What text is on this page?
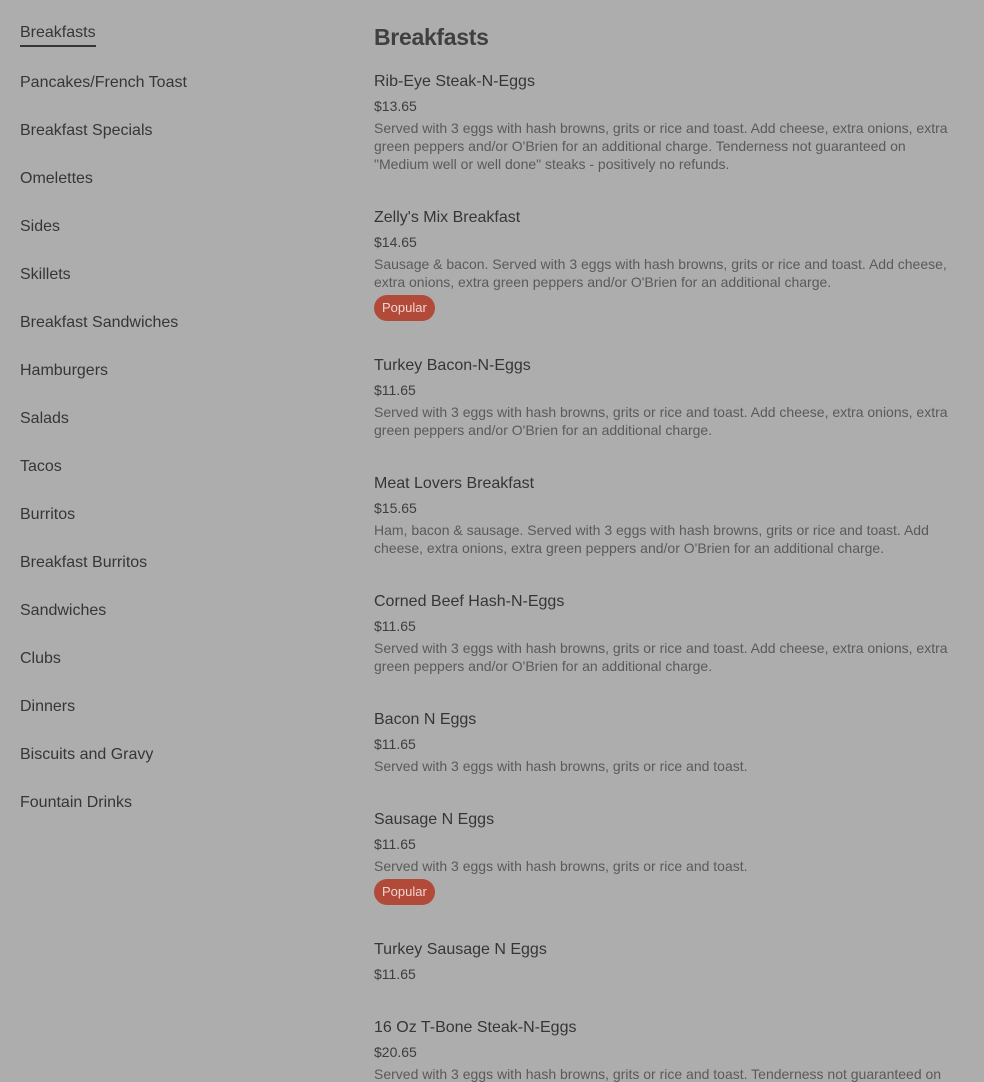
Breakfasts
Pancakes/French Toast
Breakfast Specials
Omelettes
Sides
Skillets
Breakfast Sandwiches
Hamburgers
Salads
Tacos
Burritos
Breakfast Burritos
Sandwiches
Clubs
Dinners
Biscuits and Gravy
Fountain Drinks
Breakfasts
Rib-Eye Steak-N-Eggs
$13.65
Served with 3 eggs with hash browns, grits or rice and toast. Add cheese, extra onions, extra green peppers and/or O'Brien for an additional charge. Tenderness not guaranteed on "Medium well or well done" steaks - positively no refunds.
Zelly's Mix Breakfast
$14.65
Sausage & bacon. Served with 3 eggs with hash browns, grits or rice and toast. Add cheese, extra onions, extra green peppers and/or O'Brien for an additional charge.
Popular
Turkey Bacon-N-Eggs
$11.65
Served with 3 eggs with hash browns, grits or rice and toast. Add cheese, extra onions, extra green peppers and/or O'Brien for an additional charge.
Meat Lovers Breakfast
$15.65
Ham, bacon & sausage. Served with 3 eggs with hash browns, grits or rice and toast. Add cheese, extra onions, extra green peppers and/or O'Brien for an additional charge.
Corned Beef Hash-N-Eggs
$11.65
Served with 3 eggs with hash browns, grits or rice and toast. Add cheese, extra onions, extra green peppers and/or O'Brien for an additional charge.
Bacon N Eggs
$11.65
Served with 3 eggs with hash browns, grits or rice and toast.
Sausage N Eggs
$11.65
Served with 3 eggs with hash browns, grits or rice and toast.
Popular
Turkey Sausage N Eggs
$11.65
16 Oz T-Bone Steak-N-Eggs
$20.65
Served with 3 eggs with hash browns, grits or rice and toast. Tenderness not guaranteed on
